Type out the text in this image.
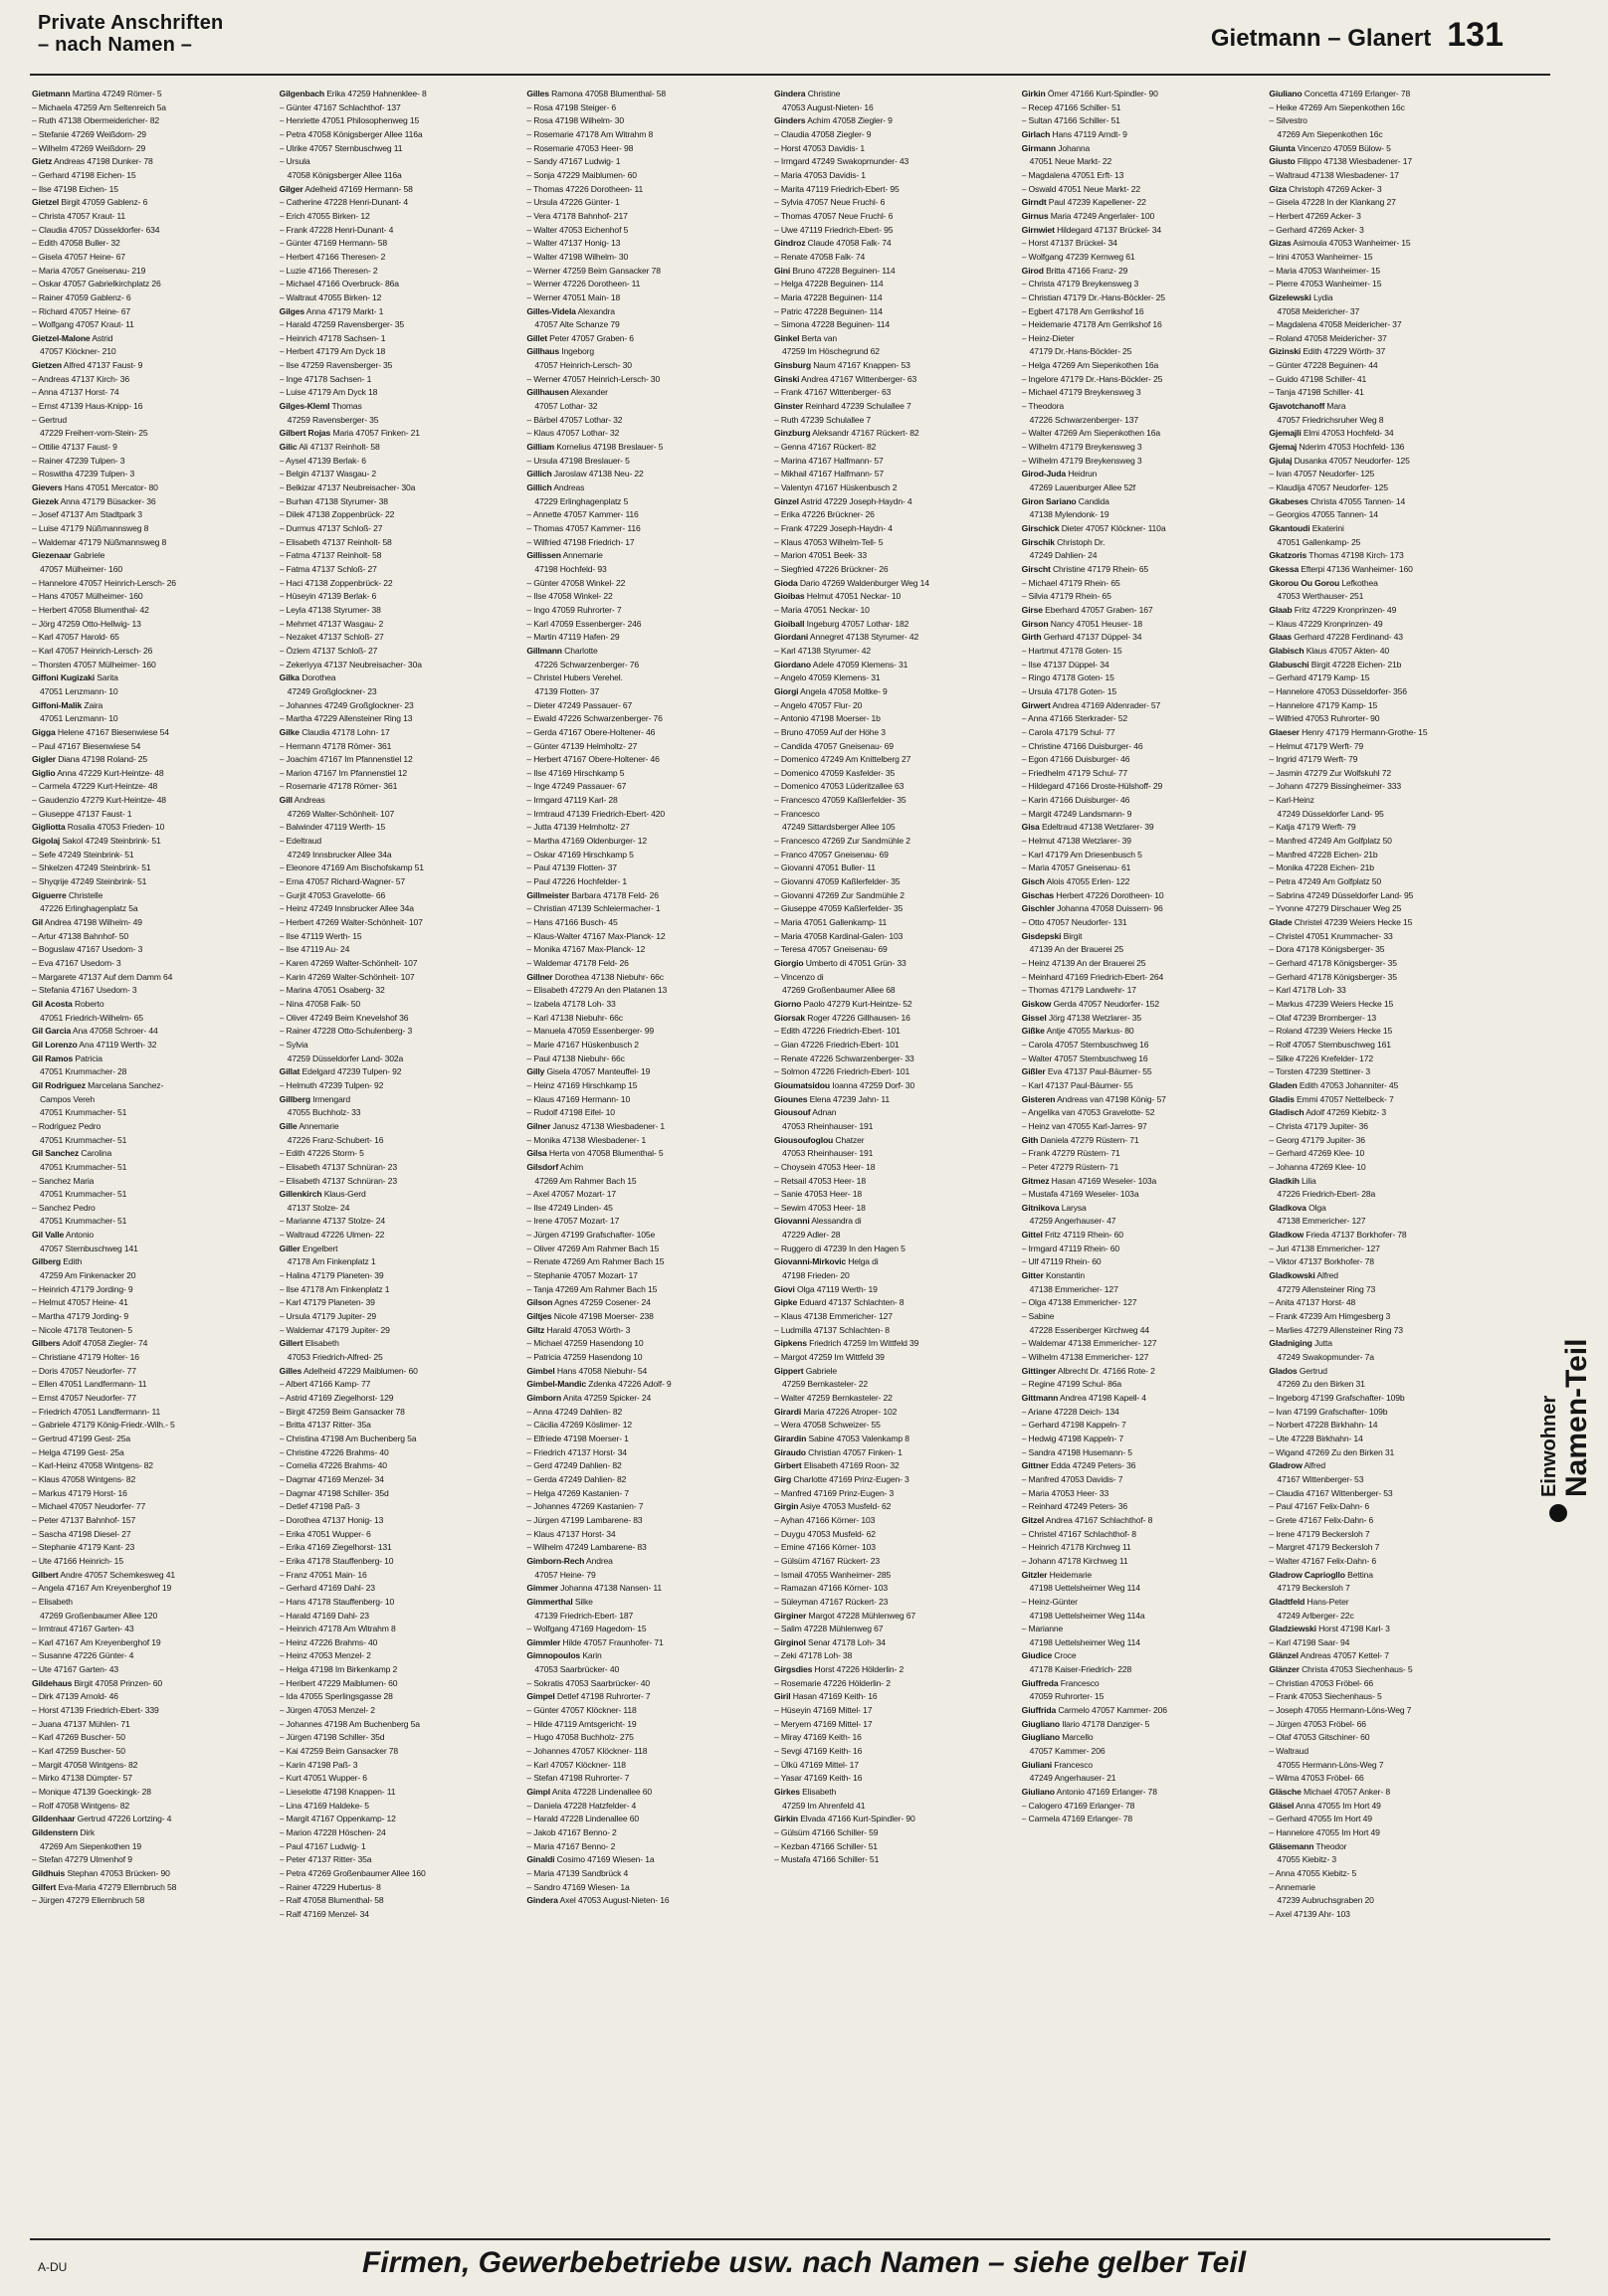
Private Anschriften
– nach Namen –	Gietmann – Glanert 131
Gietmann Martina 47249 Römer- 5
– Michaela 47259 Am Seltenreich 5a
– Ruth 47138 Obermeidericher- 82
– Stefanie 47269 Weißdorn- 29
– Wilhelm 47269 Weißdorn- 29
Gietz Andreas 47198 Dunker- 78
– Gerhard 47198 Eichen- 15
– Ilse 47198 Eichen- 15
Gietzel Birgit 47059 Gablenz- 6
– Christa 47057 Kraut- 11
– Claudia 47057 Düsseldorfer- 634
– Edith 47058 Buller- 32
– Gisela 47057 Heine- 67
– Maria 47057 Gneisenau- 219
– Oskar 47057 Gabrielkirchplatz 26
– Rainer 47059 Gablenz- 6
– Richard 47057 Heine- 67
– Wolfgang 47057 Kraut- 11
Gietzel-Malone Astrid
47057 Klöckner- 210
Gietzen Alfred 47137 Faust- 9
– Andreas 47137 Kirch- 36
– Anna 47137 Horst- 74
– Ernst 47139 Haus-Knipp- 16
– Gertrud
47229 Freiherr-vom-Stein- 25
– Ottilie 47137 Faust- 9
– Rainer 47239 Tulpen- 3
– Roswitha 47239 Tulpen- 3
Gievers Hans 47051 Mercator- 80
Giezek Anna 47179 Büsacker- 36
– Josef 47137 Am Stadtpark 3
– Luise 47179 Nüßmannsweg 8
– Waldemar 47179 Nüßmannsweg 8
Giezenaar Gabriele
47057 Mülheimer- 160
– Hannelore 47057 Heinrich-Lersch- 26
– Hans 47057 Mülheimer- 160
– Herbert 47058 Blumenthal- 42
– Jörg 47259 Otto-Hellwig- 13
– Karl 47057 Harold- 65
– Karl 47057 Heinrich-Lersch- 26
– Thorsten 47057 Mülheimer- 160
Giffoni Kugizaki Sarita
47051 Lenzmann- 10
Giffoni-Malik Zaira
47051 Lenzmann- 10
Gigga Helene 47167 Biesenwiese 54
– Paul 47167 Biesenwiese 54
Gigler Diana 47198 Roland- 25
Giglio Anna 47229 Kurt-Heintze- 48
– Carmela 47229 Kurt-Heintze- 48
– Gaudenzio 47279 Kurt-Heintze- 48
– Giuseppe 47137 Faust- 1
Gigliotta Rosalia 47053 Frieden- 10
Gigolaj Sakol 47249 Steinbrink- 51
– Sefe 47249 Steinbrink- 51
– Shkelzen 47249 Steinbrink- 51
– Shyqrije 47249 Steinbrink- 51
Giguerre Christelle
47226 Erlinghagenplatz 5a
Gil Andrea 47198 Wilhelm- 49
– Artur 47138 Bahnhof- 50
– Boguslaw 47167 Usedom- 3
– Eva 47167 Usedom- 3
– Margarete 47137 Auf dem Damm 64
– Stefania 47167 Usedom- 3
Gil Acosta Roberto
47051 Friedrich-Wilhelm- 65
Gil Garcia Ana 47058 Schroer- 44
Gil Lorenzo Ana 47119 Werth- 32
Gil Ramos Patricia
47051 Krummacher- 28
Gil Rodriguez Marcelana Sanchez-
Campos Vereh
47051 Krummacher- 51
– Rodriguez Pedro
47051 Krummacher- 51
Gil Sanchez Carolina
47051 Krummacher- 51
– Sanchez Maria
47051 Krummacher- 51
– Sanchez Pedro
47051 Krummacher- 51
Gil Valle Antonio
47057 Sternbuschweg 141
Gilberg Edith
47259 Am Finkenacker 20
– Heinrich 47179 Jording- 9
– Helmut 47057 Heine- 41
– Martha 47179 Jording- 9
– Nicole 47178 Teutonen- 5
Gilbers Adolf 47058 Ziegler- 74
– Christiane 47179 Holter- 16
– Doris 47057 Neudorfer- 77
– Ellen 47051 Landfermann- 11
– Ernst 47057 Neudorfer- 77
– Friedrich 47051 Landfermann- 11
– Gabriele 47179 König-Friedr.-Wilh.- 5
– Gertrud 47199 Gest- 25a
– Helga 47199 Gest- 25a
– Karl-Heinz 47058 Wintgens- 82
– Klaus 47058 Wintgens- 82
– Markus 47179 Horst- 16
– Michael 47057 Neudorfer- 77
– Peter 47137 Bahnhof- 157
– Sascha 47198 Diesel- 27
– Stephanie 47179 Kant- 23
– Ute 47166 Heinrich- 15
Gilbert Andre 47057 Schemkesweg 41
– Angela 47167 Am Kreyenberghof 19
– Elisabeth
47269 Großenbaumer Allee 120
– Irmtraut 47167 Garten- 43
– Karl 47167 Am Kreyenberghof 19
– Susanne 47226 Günter- 4
– Ute 47167 Garten- 43
Gildehaus Birgit 47058 Prinzen- 60
– Dirk 47139 Arnold- 46
– Horst 47139 Friedrich-Ebert- 339
– Juana 47137 Mühlen- 71
– Karl 47269 Buscher- 50
– Karl 47259 Buscher- 50
– Margit 47058 Wintgens- 82
– Mirko 47138 Dümpter- 57
– Monique 47139 Goeckingk- 28
– Rolf 47058 Wintgens- 82
Gildenhaar Gertrud 47226 Lortzing- 4
Gildenstern Dirk
47269 Am Siepenkothen 19
– Stefan 47279 Ulmenhof 9
Gildhuis Stephan 47053 Brücken- 90
Gilfert Eva-Maria 47279 Ellernbruch 58
– Jürgen 47279 Ellernbruch 58
Gilgenbach Erika 47259 Hahnenklee- 8
– Günter 47167 Schlachthof- 137
– Henriette 47051 Philosophenweg 15
– Petra 47058 Königsberger Allee 116a
– Ulrike 47057 Sternbuschweg 11
– Ursula
47058 Königsberger Allee 116a
Gilger Adelheid 47169 Hermann- 58
– Catherine 47228 Henri-Dunant- 4
– Erich 47055 Birken- 12
– Frank 47228 Henri-Dunant- 4
– Günter 47169 Hermann- 58
– Herbert 47166 Theresen- 2
– Luzie 47166 Theresen- 2
– Michael 47166 Overbruck- 86a
– Waltraut 47055 Birken- 12
Gilges Anna 47179 Markt- 1
– Harald 47259 Ravensberger- 35
– Heinrich 47178 Sachsen- 1
– Herbert 47179 Am Dyck 18
– Ilse 47259 Ravensberger- 35
– Inge 47178 Sachsen- 1
– Luise 47179 Am Dyck 18
Gilges-Kleml Thomas
47259 Ravensberger- 35
Gilbert Rojas Maria 47057 Finken- 21
Gilic Ali 47137 Reinholt- 58
– Aysel 47139 Berlak- 6
– Belgin 47137 Wasgau- 2
– Belkizar 47137 Neubreisacher- 30a
– Burhan 47138 Styrumer- 38
– Dilek 47138 Zoppenbrück- 22
– Durmus 47137 Schloß- 27
– Elisabeth 47137 Reinholt- 58
– Fatma 47137 Reinholt- 58
– Fatma 47137 Schloß- 27
– Haci 47138 Zoppenbrück- 22
– Hüseyin 47139 Berlak- 6
– Leyla 47138 Styrumer- 38
– Mehmet 47137 Wasgau- 2
– Nezaket 47137 Schloß- 27
– Özlem 47137 Schloß- 27
– Zekeriyya 47137 Neubreisacher- 30a
Gilka Dorothea
47249 Großglockner- 23
– Johannes 47249 Großglockner- 23
– Martha 47229 Allensteiner Ring 13
Gilke Claudia 47178 Lohn- 17
– Hermann 47178 Römer- 361
– Joachim 47167 Im Pfannenstiel 12
– Marion 47167 Im Pfannenstiel 12
– Rosemarie 47178 Römer- 361
Gill Andreas
47269 Walter-Schönheit- 107
– Balwinder 47119 Werth- 15
– Edeltraud
47249 Innsbrucker Allee 34a
– Eleonore 47169 Am Bischofskamp 51
– Erna 47057 Richard-Wagner- 57
– Gurjit 47053 Gravelotte- 66
– Heinz 47249 Innsbrucker Allee 34a
– Herbert 47269 Walter-Schönheit- 107
– Ilse 47119 Werth- 15
– Ilse 47119 Au- 24
– Karen 47269 Walter-Schönheit- 107
– Karin 47269 Walter-Schönheit- 107
– Marina 47051 Osaberg- 32
– Nina 47058 Falk- 50
– Oliver 47249 Beim Knevelshof 36
– Rainer 47228 Otto-Schulenberg- 3
– Sylvia
47259 Düsseldorfer Land- 302a
Gillat Edelgard 47239 Tulpen- 92
– Helmuth 47239 Tulpen- 92
Gillberg Irmengard
47055 Buchholz- 33
Gille Annemarie
47226 Franz-Schubert- 16
– Edith 47226 Storm- 5
– Elisabeth 47137 Schnüran- 23
– Elisabeth 47137 Schnüran- 23
Gillenkirch Klaus-Gerd
47137 Stolze- 24
– Marianne 47137 Stolze- 24
– Waltraud 47226 Ulmen- 22
Giller Engelbert
47178 Am Finkenplatz 1
– Halina 47179 Planeten- 39
– Ilse 47178 Am Finkenplatz 1
– Karl 47179 Planeten- 39
– Ursula 47179 Jupiter- 29
– Waldemar 47179 Jupiter- 29
Gillert Elisabeth
47053 Friedrich-Alfred- 25
Gilles Adelheid 47229 Maiblumen- 60
– Albert 47166 Kamp- 77
– Astrid 47169 Ziegelhorst- 129
– Birgit 47259 Beim Gansacker 78
– Britta 47137 Ritter- 35a
– Christina 47198 Am Buchenberg 5a
– Christine 47226 Brahms- 40
– Cornelia 47226 Brahms- 40
– Dagmar 47169 Menzel- 34
– Dagmar 47198 Schiller- 35d
– Detlef 47198 Paß- 3
– Dorothea 47137 Honig- 13
– Erika 47051 Wupper- 6
– Erika 47169 Ziegelhorst- 131
– Erika 47178 Stauffenberg- 10
– Franz 47051 Main- 16
– Gerhard 47169 Dahl- 23
– Hans 47178 Stauffenberg- 10
– Harald 47169 Dahl- 23
– Heinrich 47178 Am Witrahm 8
– Heinz 47226 Brahms- 40
– Heinz 47053 Menzel- 2
– Helga 47198 Im Birkenkamp 2
– Heribert 47229 Maiblumen- 60
– Ida 47055 Sperlingsgasse 28
– Jürgen 47053 Menzel- 2
– Johannes 47198 Am Buchenberg 5a
– Jürgen 47198 Schiller- 35d
– Kai 47259 Beim Gansacker 78
– Karin 47198 Paß- 3
– Kurt 47051 Wupper- 6
– Lieselotte 47198 Knappen- 11
– Lina 47169 Haldeke- 5
– Margit 47167 Oppenkamp- 12
– Marion 47228 Höschen- 24
– Paul 47167 Ludwig- 1
– Peter 47137 Ritter- 35a
– Petra 47269 Großenbaumer Allee 160
– Rainer 47229 Hubertus- 8
– Ralf 47058 Blumenthal- 58
– Ralf 47169 Menzel- 34
Gilles Ramona 47058 Blumenthal- 58
– Rosa 47198 Steiger- 6
– Rosa 47198 Wilhelm- 30
– Rosemarie 47178 Am Witrahm 8
– Rosemarie 47053 Heer- 98
– Sandy 47167 Ludwig- 1
– Sonja 47229 Maiblumen- 60
– Thomas 47226 Dorotheen- 11
– Ursula 47226 Günter- 1
– Vera 47178 Bahnhof- 217
– Walter 47053 Eichenhof 5
– Walter 47137 Honig- 13
– Walter 47198 Wilhelm- 30
– Werner 47259 Beim Gansacker 78
– Werner 47226 Dorotheen- 11
– Werner 47051 Main- 18
Gilles-Videla Alexandra
47057 Alte Schanze 79
Gillet Peter 47057 Graben- 6
Gillhaus Ingeborg
47057 Heinrich-Lersch- 30
– Werner 47057 Heinrich-Lersch- 30
Gillhausen Alexander
47057 Lothar- 32
– Bärbel 47057 Lothar- 32
– Klaus 47057 Lothar- 32
Gilliam Kornelius 47198 Breslauer- 5
– Ursula 47198 Breslauer- 5
Gillich Jaroslaw 47138 Neu- 22
Gillich Andreas
47229 Erlinghagenplatz 5
– Annette 47057 Kammer- 116
– Thomas 47057 Kammer- 116
– Wilfried 47198 Friedrich- 17
Gillissen Annemarie
47198 Hochfeld- 93
– Günter 47058 Winkel- 22
– Ilse 47058 Winkel- 22
– Ingo 47059 Ruhrorter- 7
– Karl 47059 Essenberger- 246
– Martin 47119 Hafen- 29
Gillmann Charlotte
47226 Schwarzenberger- 76
– Christel Hubers Verehel.
47139 Flotten- 37
– Dieter 47249 Passauer- 67
– Ewald 47226 Schwarzenberger- 76
– Gerda 47167 Obere-Holtener- 46
– Günter 47139 Helmholtz- 27
– Herbert 47167 Obere-Holtener- 46
– Ilse 47169 Hirschkamp 5
– Inge 47249 Passauer- 67
– Irmgard 47119 Karl- 28
– Irmtraud 47139 Friedrich-Ebert- 420
– Jutta 47139 Helmholtz- 27
– Martha 47169 Oldenburger- 12
– Oskar 47169 Hirschkamp 5
– Paul 47139 Flotten- 37
– Paul 47226 Hochfelder- 1
Gillmeister Barbara 47178 Feld- 26
– Christian 47139 Schleiermacher- 1
– Hans 47166 Busch- 45
– Klaus-Walter 47167 Max-Planck- 12
– Monika 47167 Max-Planck- 12
– Waldemar 47178 Feld- 26
Gillner Dorothea 47138 Niebuhr- 66c
– Elisabeth 47279 An den Platanen 13
– Izabela 47178 Loh- 33
– Karl 47138 Niebuhr- 66c
– Manuela 47059 Essenberger- 99
– Marie 47167 Hüskenbusch 2
– Paul 47138 Niebuhr- 66c
Gilly Gisela 47057 Manteuffel- 19
– Heinz 47169 Hirschkamp 15
– Klaus 47169 Hermann- 10
– Rudolf 47198 Eifel- 10
Gilner Janusz 47138 Wiesbadener- 1
– Monika 47138 Wiesbadener- 1
Gilsa Herta von 47058 Blumenthal- 5
Gilsdorf Achim
47269 Am Rahmer Bach 15
– Axel 47057 Mozart- 17
– Ilse 47249 Linden- 45
– Irene 47057 Mozart- 17
– Jürgen 47199 Grafschafter- 105e
– Oliver 47269 Am Rahmer Bach 15
– Renate 47269 Am Rahmer Bach 15
– Stephanie 47057 Mozart- 17
– Tanja 47269 Am Rahmer Bach 15
Gilson Agnes 47259 Cosener- 24
Giltjes Nicole 47198 Moerser- 238
Giltz Harald 47053 Wörth- 3
– Michael 47259 Hasendong 10
– Patricia 47259 Hasendong 10
Gimbel Hans 47058 Niebuhr- 54
Gimbel-Mandic Zdenka 47226 Adolf- 9
Gimborn Anita 47259 Spicker- 24
– Anna 47249 Dahlien- 82
– Cäcilia 47269 Köslimer- 12
– Elfriede 47198 Moerser- 1
– Friedrich 47137 Horst- 34
– Gerd 47249 Dahlien- 82
– Gerda 47249 Dahlien- 82
– Helga 47269 Kastanien- 7
– Johannes 47269 Kastanien- 7
– Jürgen 47199 Lambarene- 83
– Klaus 47137 Horst- 34
– Wilhelm 47249 Lambarene- 83
Gimborn-Rech Andrea
47057 Heine- 79
Gimmer Johanna 47138 Nansen- 11
Gimmerthal Silke
47139 Friedrich-Ebert- 187
– Wolfgang 47169 Hagedorn- 15
Gimmler Hilde 47057 Fraunhofer- 71
Gimnopoulos Karin
47053 Saarbrücker- 40
– Sokratis 47053 Saarbrücker- 40
Gimpel Detlef 47198 Ruhrorter- 7
– Günter 47057 Klöckner- 118
– Hilde 47119 Amtsgericht- 19
– Hugo 47058 Buchholz- 275
– Johannes 47057 Klöckner- 118
– Karl 47057 Klöckner- 118
– Stefan 47198 Ruhrorter- 7
Gimpl Anita 47228 Lindenallee 60
– Daniela 47228 Hatzfelder- 4
– Harald 47228 Lindenallee 60
– Jakob 47167 Benno- 2
– Maria 47167 Benno- 2
Ginaldi Cosimo 47169 Wiesen- 1a
– Maria 47139 Sandbrück 4
– Sandro 47169 Wiesen- 1a
Gindera Axel 47053 August-Nieten- 16
Gindera Christine
47053 August-Nieten- 16
Ginders Achim 47058 Ziegler- 9
– Claudia 47058 Ziegler- 9
– Horst 47053 Davidis- 1
– Irmgard 47249 Swakopmunder- 43
– Maria 47053 Davidis- 1
– Marita 47119 Friedrich-Ebert- 95
– Sylvia 47057 Neue Fruchl- 6
– Thomas 47057 Neue Fruchl- 6
– Uwe 47119 Friedrich-Ebert- 95
Gindroz Claude 47058 Falk- 74
– Renate 47058 Falk- 74
Gini Bruno 47228 Beguinen- 114
– Helga 47228 Beguinen- 114
– Maria 47228 Beguinen- 114
– Patric 47228 Beguinen- 114
– Simona 47228 Beguinen- 114
Ginkel Berta van
47259 Im Höschegrund 62
Ginsburg Naum 47167 Knappen- 53
Ginski Andrea 47167 Wittenberger- 63
– Frank 47167 Wittenberger- 63
Ginster Reinhard 47239 Schulallee 7
– Ruth 47239 Schulallee 7
Ginzburg Aleksandr 47167 Rückert- 82
– Genna 47167 Rückert- 82
– Marina 47167 Halfmann- 57
– Mikhail 47167 Halfmann- 57
– Valentyn 47167 Hüskenbusch 2
Ginzel Astrid 47229 Joseph-Haydn- 4
– Erika 47226 Brückner- 26
– Frank 47229 Joseph-Haydn- 4
– Klaus 47053 Wilhelm-Tell- 5
– Marion 47051 Beek- 33
– Siegfried 47226 Brückner- 26
Gioda Dario 47269 Waldenburger Weg 14
Gioibas Helmut 47051 Neckar- 10
– Maria 47051 Neckar- 10
Gioiball Ingeburg 47057 Lothar- 182
Giordani Annegret 47138 Styrumer- 42
– Karl 47138 Styrumer- 42
Giordano Adele 47059 Klemens- 31
– Angelo 47059 Klemens- 31
Giorgi Angela 47058 Moltke- 9
– Angelo 47057 Flur- 20
– Antonio 47198 Moerser- 1b
– Bruno 47059 Auf der Höhe 3
– Candida 47057 Gneisenau- 69
– Domenico 47249 Am Knittelberg 27
– Domenico 47059 Kasfelder- 35
– Domenico 47053 Lüderitzallee 63
– Francesco 47059 Kaßlerfelder- 35
– Francesco
47249 Sittardsberger Allee 105
– Francesco 47269 Zur Sandmühle 2
– Franco 47057 Gneisenau- 69
– Giovanni 47051 Buller- 11
– Giovanni 47059 Kaßlerfelder- 35
– Giovanni 47269 Zur Sandmühle 2
– Giuseppe 47059 Kaßlerfelder- 35
– Maria 47051 Gallenkamp- 11
– Maria 47058 Kardinal-Galen- 103
– Teresa 47057 Gneisenau- 69
Giorgio Umberto di 47051 Grün- 33
– Vincenzo di
47269 Großenbaumer Allee 68
Giorno Paolo 47279 Kurt-Heintze- 52
Giorsak Roger 47226 Gillhausen- 16
– Edith 47226 Friedrich-Ebert- 101
– Gian 47226 Friedrich-Ebert- 101
– Renate 47226 Schwarzenberger- 33
– Solmon 47226 Friedrich-Ebert- 101
Gioumatsidou Ioanna 47259 Dorf- 30
Giounes Elena 47239 Jahn- 11
Giousouf Adnan
47053 Rheinhauser- 191
Giousoufoglou Chatzer
47053 Rheinhauser- 191
– Choysein 47053 Heer- 18
– Retsail 47053 Heer- 18
– Sanie 47053 Heer- 18
– Sewim 47053 Heer- 18
Giovanni Alessandra di
47229 Adler- 28
– Ruggero di 47239 In den Hagen 5
Giovanni-Mirkovic Helga di
47198 Frieden- 20
Giovi Olga 47119 Werth- 19
Gipke Eduard 47137 Schlachten- 8
– Klaus 47138 Emmericher- 127
– Ludmilla 47137 Schlachten- 8
Gipkens Friedrich 47259 Im Wittfeld 39
– Margot 47259 Im Wittfeld 39
Gippert Gabriele
47259 Bernkasteler- 22
– Walter 47259 Bernkasteler- 22
Girardi Maria 47226 Atroper- 102
– Wera 47058 Schweizer- 55
Girardin Sabine 47053 Valenkamp 8
Giraudo Christian 47057 Finken- 1
Girbert Elisabeth 47169 Roon- 32
Girg Charlotte 47169 Prinz-Eugen- 3
– Manfred 47169 Prinz-Eugen- 3
Girgin Asiye 47053 Musfeld- 62
– Ayhan 47166 Körner- 103
– Duygu 47053 Musfeld- 62
– Emine 47166 Körner- 103
– Gülsüm 47167 Rückert- 23
– Ismail 47055 Wanheimer- 285
– Ramazan 47166 Körner- 103
– Süleyman 47167 Rückert- 23
Girginer Margot 47228 Mühlenweg 67
– Salim 47228 Mühlenweg 67
Girginol Senar 47178 Loh- 34
– Zeki 47178 Loh- 38
Girgsdies Horst 47226 Hölderlin- 2
– Rosemarie 47226 Hölderlin- 2
Giril Hasan 47169 Keith- 16
– Hüseyin 47169 Mittel- 17
– Meryem 47169 Mittel- 17
– Miray 47169 Keith- 16
– Sevgi 47169 Keith- 16
– Ülkü 47169 Mittel- 17
– Yasar 47169 Keith- 16
Girkes Elisabeth
47259 Im Ahrenfeld 41
Girkin Elvada 47166 Kurt-Spindler- 90
– Gülsüm 47166 Schiller- 59
– Kezban 47166 Schiller- 51
– Mustafa 47166 Schiller- 51
Girkin Ömer 47166 Kurt-Spindler- 90
– Recep 47166 Schiller- 51
– Sultan 47166 Schiller- 51
Girlach Hans 47119 Arndt- 9
Girmann Johanna
47051 Neue Markt- 22
– Magdalena 47051 Erft- 13
– Oswald 47051 Neue Markt- 22
Girndt Paul 47239 Kapellener- 22
Girnus Maria 47249 Angerlaler- 100
Girnwiet Hildegard 47137 Brückel- 34
– Horst 47137 Brückel- 34
– Wolfgang 47239 Kernweg 61
Girod Britta 47166 Franz- 29
– Christa 47179 Breykensweg 3
– Christian 47179 Dr.-Hans-Böckler- 25
– Egbert 47178 Am Gerrikshof 16
– Heidemarie 47178 Am Gerrikshof 16
– Heinz-Dieter
47179 Dr.-Hans-Böckler- 25
– Helga 47269 Am Siepenkothen 16a
– Ingelore 47179 Dr.-Hans-Böckler- 25
– Michael 47179 Breykensweg 3
– Theodora
47226 Schwarzenberger- 137
– Walter 47269 Am Siepenkothen 16a
– Wilhelm 47179 Breykensweg 3
– Wilhelm 47179 Breykensweg 3
Girod-Juda Heidrun
47269 Lauenburger Allee 52f
Giron Sariano Candida
47138 Mylendonk- 19
Girschick Dieter 47057 Klöckner- 110a
Girschik Christoph Dr.
47249 Dahlien- 24
Girscht Christine 47179 Rhein- 65
– Michael 47179 Rhein- 65
– Silvia 47179 Rhein- 65
Girse Eberhard 47057 Graben- 167
Girson Nancy 47051 Heuser- 18
Girth Gerhard 47137 Düppel- 34
– Hartmut 47178 Goten- 15
– Ilse 47137 Düppel- 34
– Ringo 47178 Goten- 15
– Ursula 47178 Goten- 15
Girwert Andrea 47169 Aldenrader- 57
– Anna 47166 Sterkrader- 52
– Carola 47179 Schul- 77
– Christine 47166 Duisburger- 46
– Egon 47166 Duisburger- 46
– Friedhelm 47179 Schul- 77
– Hildegard 47166 Droste-Hülshoff- 29
– Karin 47166 Duisburger- 46
– Margit 47249 Landsmann- 9
Gisa Edeltraud 47138 Wetzlarer- 39
– Helmut 47138 Wetzlarer- 39
– Karl 47179 Am Driesenbusch 5
– Maria 47057 Gneisenau- 61
Gisch Alois 47055 Erlen- 122
Gischas Herbert 47226 Dorotheen- 10
Gischler Johanna 47058 Duissern- 96
– Otto 47057 Neudorfer- 131
Gisdepski Birgit
47139 An der Brauerei 25
– Heinz 47139 An der Brauerei 25
– Meinhard 47169 Friedrich-Ebert- 264
– Thomas 47179 Landwehr- 17
Giskow Gerda 47057 Neudorfer- 152
Gissel Jörg 47138 Wetzlarer- 35
Gißke Antje 47055 Markus- 80
– Carola 47057 Sternbuschweg 16
– Walter 47057 Sternbuschweg 16
Gißler Eva 47137 Paul-Bäumer- 55
– Karl 47137 Paul-Bäumer- 55
Gisteren Andreas van 47198 König- 57
– Angelika van 47053 Gravelotte- 52
– Heinz van 47055 Karl-Jarres- 97
Gith Daniela 47279 Rüstern- 71
– Frank 47279 Rüstern- 71
– Peter 47279 Rüstern- 71
Gitmez Hasan 47169 Weseler- 103a
– Mustafa 47169 Weseler- 103a
Gitnikova Larysa
47259 Angerhauser- 47
Gittel Fritz 47119 Rhein- 60
– Irmgard 47119 Rhein- 60
– Ulf 47119 Rhein- 60
Gitter Konstantin
47138 Emmericher- 127
– Olga 47138 Emmericher- 127
– Sabine
47228 Essenberger Kirchweg 44
– Waldemar 47138 Emmericher- 127
– Wilhelm 47138 Emmericher- 127
Gittinger Albrecht Dr. 47166 Rote- 2
– Regine 47199 Schul- 86a
Gittmann Andrea 47198 Kapell- 4
– Ariane 47228 Deich- 134
– Gerhard 47198 Kappeln- 7
– Hedwig 47198 Kappeln- 7
– Sandra 47198 Husemann- 5
Gittner Edda 47249 Peters- 36
– Manfred 47053 Davidis- 7
– Maria 47053 Heer- 33
– Reinhard 47249 Peters- 36
Gitzel Andrea 47167 Schlachthof- 8
– Christel 47167 Schlachthof- 8
– Heinrich 47178 Kirchweg 11
– Johann 47178 Kirchweg 11
Gitzler Heidemarie
47198 Uettelsheimer Weg 114
– Heinz-Günter
47198 Uettelsheimer Weg 114a
– Marianne
47198 Uettelsheimer Weg 114
Giudice Croce
47178 Kaiser-Friedrich- 228
Giuffreda Francesco
47059 Ruhrorter- 15
Giuffrida Carmelo 47057 Kammer- 206
Giugliano Ilario 47178 Danziger- 5
Giugliano Marcello
47057 Kammer- 206
Giuliani Francesco
47249 Angerhauser- 21
Giuliano Antonio 47169 Erlanger- 78
– Calogero 47169 Erlanger- 78
– Carmela 47169 Erlanger- 78
Giuliano Concetta 47169 Erlanger- 78
– Heike 47269 Am Siepenkothen 16c
– Silvestro
47269 Am Siepenkothen 16c
Giunta Vincenzo 47059 Bülow- 5
Giusto Filippo 47138 Wiesbadener- 17
– Waltraud 47138 Wiesbadener- 17
Giza Christoph 47269 Acker- 3
– Gisela 47228 In der Klankang 27
– Herbert 47269 Acker- 3
– Gerhard 47269 Acker- 3
Gizas Asimoula 47053 Wanheimer- 15
– Irini 47053 Wanheimer- 15
– Maria 47053 Wanheimer- 15
– Pierre 47053 Wanheimer- 15
Gizelewski Lydia
47058 Meidericher- 37
– Magdalena 47058 Meidericher- 37
– Roland 47058 Meidericher- 37
Gizinski Edith 47229 Wörth- 37
– Günter 47228 Beguinen- 44
– Guido 47198 Schiller- 41
– Tanja 47198 Schiller- 41
Gjavotchanoff Mara
47057 Friedrichsruher Weg 8
Gjemajli Elmi 47053 Hochfeld- 34
Gjemaj Nderim 47053 Hochfeld- 136
Gjulaj Dusanka 47057 Neudorfer- 125
– Ivan 47057 Neudorfer- 125
– Klaudija 47057 Neudorfer- 125
Gkabeses Christa 47055 Tannen- 14
– Georgios 47055 Tannen- 14
Gkantoudi Ekaterini
47051 Gallenkamp- 25
Gkatzoris Thomas 47198 Kirch- 173
Gkessa Efterpi 47136 Wanheimer- 160
Gkorou Ou Gorou Lefkothea
47053 Werthauser- 251
Glaab Fritz 47229 Kronprinzen- 49
– Klaus 47229 Kronprinzen- 49
Glaas Gerhard 47228 Ferdinand- 43
Glabisch Klaus 47057 Akten- 40
Glabuschi Birgit 47228 Eichen- 21b
– Gerhard 47179 Kamp- 15
– Hannelore 47053 Düsseldorfer- 356
– Hannelore 47179 Kamp- 15
– Wilfried 47053 Ruhrorter- 90
Glaeser Henry 47179 Hermann-Grothe- 15
– Helmut 47179 Werft- 79
– Ingrid 47179 Werft- 79
– Jasmin 47279 Zur Wolfskuhl 72
– Johann 47279 Bissingheimer- 333
– Karl-Heinz
47249 Düsseldorfer Land- 95
– Katja 47179 Werft- 79
– Manfred 47249 Am Golfplatz 50
– Manfred 47228 Eichen- 21b
– Monika 47228 Eichen- 21b
– Petra 47249 Am Golfplatz 50
– Sabrina 47249 Düsseldorfer Land- 95
– Yvonne 47279 Dirschauer Weg 25
Glade Christel 47239 Weiers Hecke 15
– Christel 47051 Krummacher- 33
– Dora 47178 Königsberger- 35
– Gerhard 47178 Königsberger- 35
– Gerhard 47178 Königsberger- 35
– Karl 47178 Loh- 33
– Markus 47239 Weiers Hecke 15
– Olaf 47239 Bromberger- 13
– Roland 47239 Weiers Hecke 15
– Rolf 47057 Sternbuschweg 161
– Silke 47226 Krefelder- 172
– Torsten 47239 Stettiner- 3
Gladen Edith 47053 Johanniter- 45
Gladis Emmi 47057 Nettelbeck- 7
Gladisch Adolf 47269 Kiebitz- 3
– Christa 47179 Jupiter- 36
– Georg 47179 Jupiter- 36
– Gerhard 47269 Klee- 10
– Johanna 47269 Klee- 10
Gladkih Lilia
47226 Friedrich-Ebert- 28a
Gladkova Olga
47138 Emmericher- 127
Gladkow Frieda 47137 Borkhofer- 78
– Juri 47138 Emmericher- 127
– Viktor 47137 Borkhofer- 78
Gladkowski Alfred
47279 Allensteiner Ring 73
– Anita 47137 Horst- 48
– Frank 47239 Am Himgesberg 3
– Marlies 47279 Allensteiner Ring 73
Gladniging Jutta
47249 Swakopmunder- 7a
Glados Gertrud
47269 Zu den Birken 31
– Ingeborg 47199 Grafschafter- 109b
– Ivan 47199 Grafschafter- 109b
– Norbert 47228 Birkhahn- 14
– Ute 47228 Birkhahn- 14
– Wigand 47269 Zu den Birken 31
Gladrow Alfred
47167 Wittenberger- 53
– Claudia 47167 Wittenberger- 53
– Paul 47167 Felix-Dahn- 6
– Grete 47167 Felix-Dahn- 6
– Irene 47179 Beckersloh 7
– Margret 47179 Beckersloh 7
– Walter 47167 Felix-Dahn- 6
Gladrow Capriogllo Bettina
47179 Beckersloh 7
Gladtfeld Hans-Peter
47249 Arlberger- 22c
Gladziewski Horst 47198 Karl- 3
– Karl 47198 Saar- 94
Glänzel Andreas 47057 Kettel- 7
Glänzer Christa 47053 Siechenhaus- 5
– Christian 47053 Fröbel- 66
– Frank 47053 Siechenhaus- 5
– Joseph 47055 Hermann-Löns-Weg 7
– Jürgen 47053 Fröbel- 66
– Olaf 47053 Gitschiner- 60
– Waltraud
47055 Hermann-Löns-Weg 7
– Wilma 47053 Fröbel- 66
Gläsche Michael 47057 Anker- 8
Gläsel Anna 47055 Im Hort 49
– Gerhard 47055 Im Hort 49
– Hannelore 47055 Im Hort 49
Gläsemann Theodor
47055 Kiebitz- 3
– Anna 47055 Kiebitz- 5
– Annemarie
47239 Aubruchsgraben 20
– Axel 47139 Ahr- 103
Einwohner Namen-Teil
A-DU	Firmen, Gewerbebetriebe usw. nach Namen – siehe gelber Teil
